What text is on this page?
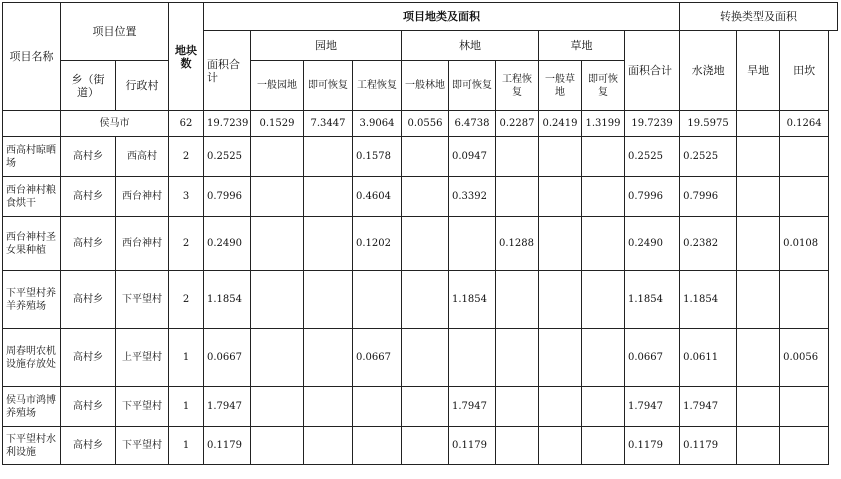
项目名称	项目位置		地块数	项目地类及面积										转换类型及面积		
				面积合计	园地			林地			草地		面积合计	水浇地	旱地	田坎
	乡（街道）	行政村			一般园地	即可恢复	工程恢复	一般林地	即可恢复	工程恢复	一般草地	即可恢复				

	侯马市		62	19.7239	0.1529	7.3447	3.9064	0.0556	6.4738	0.2287	0.2419	1.3199	19.7239	19.5975		0.1264
西高村晾晒场	高村乡	西高村	2	0.2525			0.1578		0.0947				0.2525	0.2525		
西台神村粮食烘干	高村乡	西台神村	3	0.7996			0.4604		0.3392				0.7996	0.7996		
西台神村圣女果种植	高村乡	西台神村	2	0.2490			0.1202			0.1288			0.2490	0.2382		0.0108
下平望村养羊养殖场	高村乡	下平望村	2	1.1854					1.1854				1.1854	1.1854		
周春明农机设施存放处	高村乡	上平望村	1	0.0667			0.0667						0.0667	0.0611		0.0056
侯马市鸿博养殖场	高村乡	下平望村	1	1.7947					1.7947				1.7947	1.7947		
下平望村水利设施	高村乡	下平望村	1	0.1179					0.1179				0.1179	0.1179		
